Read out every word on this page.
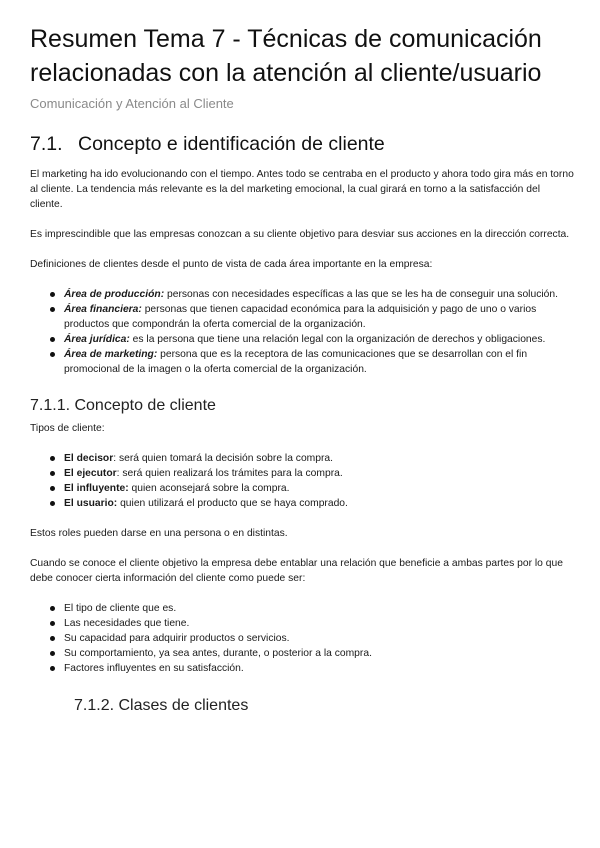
Resumen Tema 7 - Técnicas de comunicación relacionadas con la atención al cliente/usuario
Comunicación y Atención al Cliente
7.1. Concepto e identificación de cliente

El marketing ha ido evolucionando con el tiempo. Antes todo se centraba en el producto y ahora todo gira más en torno al cliente. La tendencia más relevante es la del marketing emocional, la cual girará en torno a la satisfacción del cliente.

Es imprescindible que las empresas conozcan a su cliente objetivo para desviar sus acciones en la dirección correcta.

Definiciones de clientes desde el punto de vista de cada área importante en la empresa:

Área de producción: personas con necesidades específicas a las que se les ha de conseguir una solución.
Área financiera: personas que tienen capacidad económica para la adquisición y pago de uno o varios productos que compondrán la oferta comercial de la organización.
Área jurídica: es la persona que tiene una relación legal con la organización de derechos y obligaciones.
Área de marketing: persona que es la receptora de las comunicaciones que se desarrollan con el fin promocional de la imagen o la oferta comercial de la organización.
7.1.1. Concepto de cliente

Tipos de cliente:

El decisor: será quien tomará la decisión sobre la compra.
El ejecutor: será quien realizará los trámites para la compra.
El influyente: quien aconsejará sobre la compra.
El usuario: quien utilizará el producto que se haya comprado.

Estos roles pueden darse en una persona o en distintas.

Cuando se conoce el cliente objetivo la empresa debe entablar una relación que beneficie a ambas partes por lo que debe conocer cierta información del cliente como puede ser:

El tipo de cliente que es.
Las necesidades que tiene.
Su capacidad para adquirir productos o servicios.
Su comportamiento, ya sea antes, durante, o posterior a la compra.
Factores influyentes en su satisfacción.
7.1.2. Clases de clientes
